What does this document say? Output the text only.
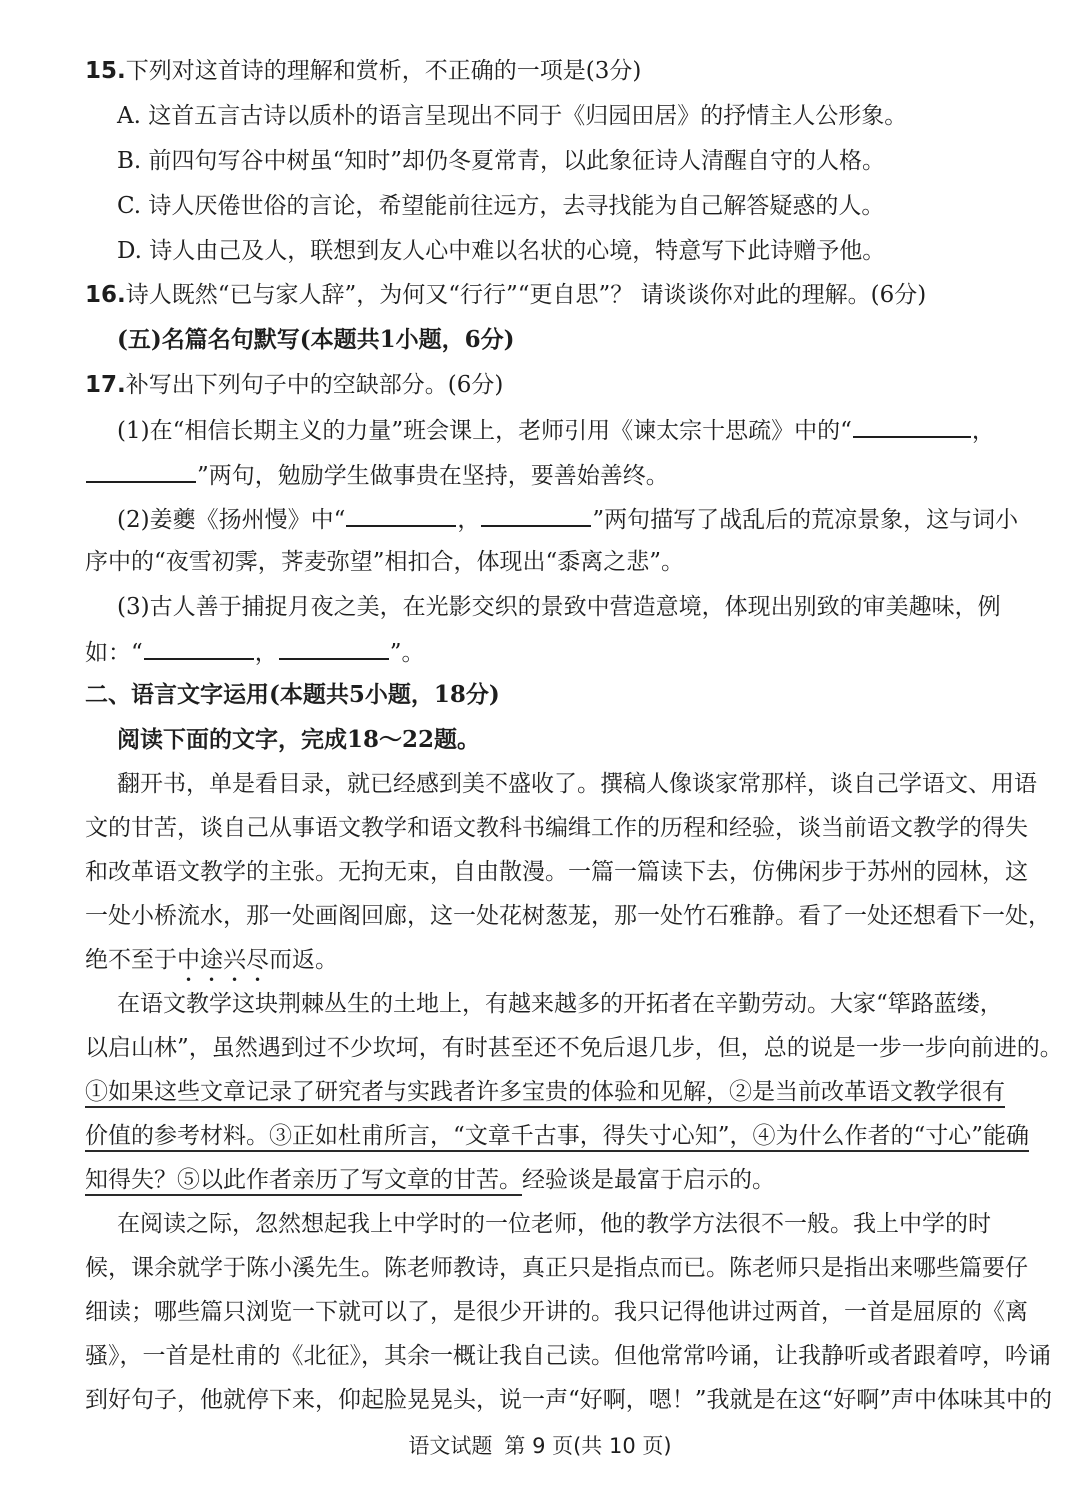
15.下列对这首诗的理解和赏析，不正确的一项是(3分)
A. 这首五言古诗以质朴的语言呈现出不同于《归园田居》的抒情主人公形象。
B. 前四句写谷中树虽“知时”却仍冬夏常青，以此象征诗人清醒自守的人格。
C. 诗人厌倦世俗的言论，希望能前往远方，去寻找能为自己解答疑惑的人。
D. 诗人由己及人，联想到友人心中难以名状的心境，特意写下此诗赠予他。
16.诗人既然“已与家人辞”，为何又“行行”“更自思”？ 请谈谈你对此的理解。(6分)
(五)名篇名句默写(本题共1小题，6分)
17.补写出下列句子中的空缺部分。(6分)
(1)在“相信长期主义的力量”班会课上，老师引用《谏太宗十思疏》中的“	，
”两句，勉励学生做事贵在坚持，要善始善终。
(2)姜夔《扬州慢》中“	，	”两句描写了战乱后的荒凉景象，这与词小
序中的“夜雪初霁，荠麦弥望”相扣合，体现出“黍离之悲”。
(3)古人善于捕捉月夜之美，在光影交织的景致中营造意境，体现出别致的审美趣味，例
如：“	，	”。
二、语言文字运用(本题共5小题，18分)
阅读下面的文字，完成18～22题。
翻开书，单是看目录，就已经感到美不盛收了。撰稿人像谈家常那样，谈自己学语文、用语
文的甘苦，谈自己从事语文教学和语文教科书编缉工作的历程和经验，谈当前语文教学的得失
和改革语文教学的主张。无拘无束，自由散漫。一篇一篇读下去，仿佛闲步于苏州的园林，这
一处小桥流水，那一处画阁回廊，这一处花树葱茏，那一处竹石雅静。看了一处还想看下一处，
绝不至于中途兴尽而返。
在语文教学这块荆棘丛生的土地上，有越来越多的开拓者在辛勤劳动。大家“筚路蓝缕，
以启山林”，虽然遇到过不少坎坷，有时甚至还不免后退几步，但，总的说是一步一步向前进的。
①如果这些文章记录了研究者与实践者许多宝贵的体验和见解，②是当前改革语文教学很有
价值的参考材料。③正如杜甫所言，“文章千古事，得失寸心知”，④为什么作者的“寸心”能确
知得失？⑤以此作者亲历了写文章的甘苦。经验谈是最富于启示的。
在阅读之际，忽然想起我上中学时的一位老师，他的教学方法很不一般。我上中学的时
候，课余就学于陈小溪先生。陈老师教诗，真正只是指点而已。陈老师只是指出来哪些篇要仔
细读；哪些篇只浏览一下就可以了，是很少开讲的。我只记得他讲过两首，一首是屈原的《离
骚》，一首是杜甫的《北征》，其余一概让我自己读。但他常常吟诵，让我静听或者跟着哼，吟诵
到好句子，他就停下来，仰起脸晃晃头，说一声“好啊，嗯！”我就是在这“好啊”声中体味其中的
语文试题 第 9 页(共 10 页)
